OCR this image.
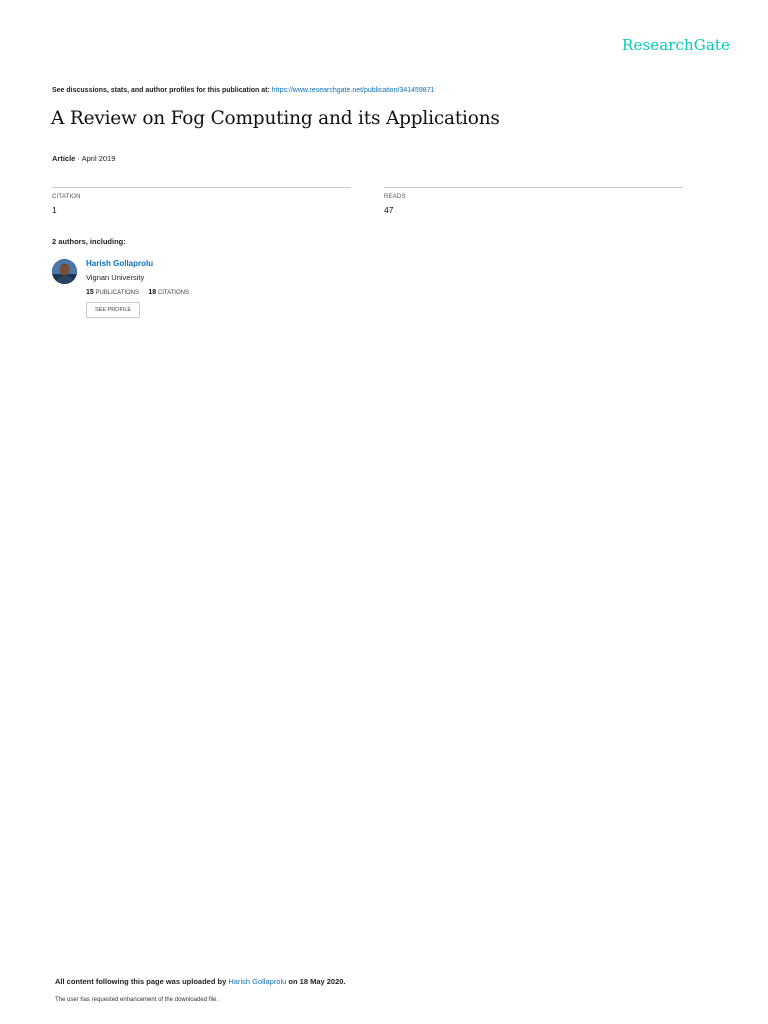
ResearchGate
See discussions, stats, and author profiles for this publication at: https://www.researchgate.net/publication/341459871
A Review on Fog Computing and its Applications
Article · April 2019
CITATION
1
READS
47
2 authors, including:
Harish Gollaprolu
Vignan University
15 PUBLICATIONS 18 CITATIONS
SEE PROFILE
All content following this page was uploaded by Harish Gollaprolu on 18 May 2020.
The user has requested enhancement of the downloaded file.
